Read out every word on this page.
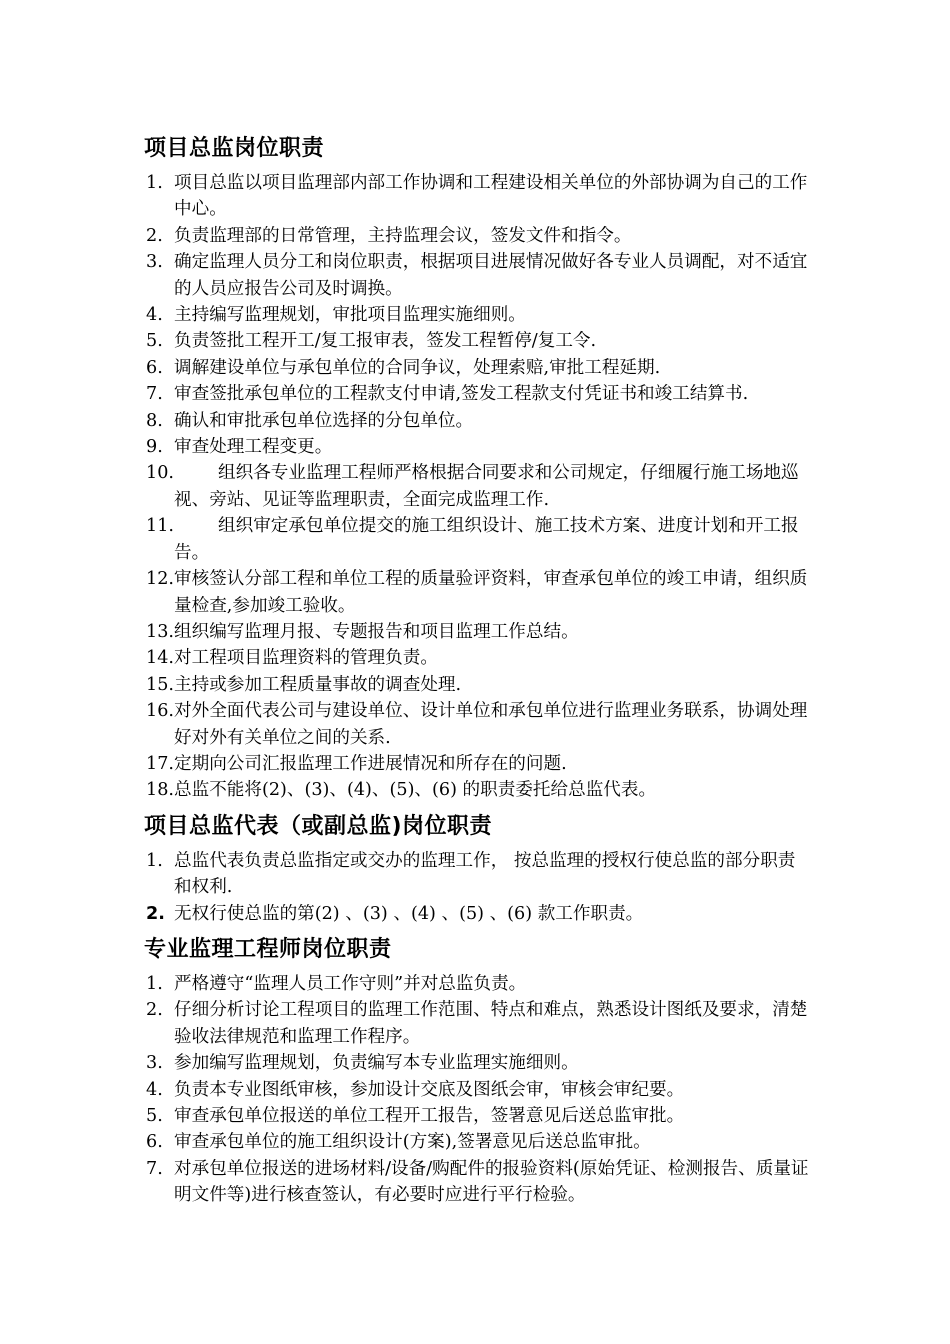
项目总监岗位职责
1. 项目总监以项目监理部内部工作协调和工程建设相关单位的外部协调为自己的工作中心。
2. 负责监理部的日常管理，主持监理会议，签发文件和指令。
3. 确定监理人员分工和岗位职责，根据项目进展情况做好各专业人员调配，对不适宜的人员应报告公司及时调换。
4. 主持编写监理规划，审批项目监理实施细则。
5. 负责签批工程开工/复工报审表，签发工程暂停/复工令.
6. 调解建设单位与承包单位的合同争议，处理索赔,审批工程延期.
7. 审查签批承包单位的工程款支付申请,签发工程款支付凭证书和竣工结算书.
8. 确认和审批承包单位选择的分包单位。
9. 审查处理工程变更。
10.	组织各专业监理工程师严格根据合同要求和公司规定，仔细履行施工场地巡视、旁站、见证等监理职责，全面完成监理工作.
11.	组织审定承包单位提交的施工组织设计、施工技术方案、进度计划和开工报告。
12. 审核签认分部工程和单位工程的质量验评资料，审查承包单位的竣工申请，组织质量检查,参加竣工验收。
13. 组织编写监理月报、专题报告和项目监理工作总结。
14. 对工程项目监理资料的管理负责。
15. 主持或参加工程质量事故的调查处理.
16. 对外全面代表公司与建设单位、设计单位和承包单位进行监理业务联系，协调处理好对外有关单位之间的关系.
17. 定期向公司汇报监理工作进展情况和所存在的问题.
18. 总监不能将(2)、(3)、(4)、(5)、(6) 的职责委托给总监代表。
项目总监代表（或副总监)岗位职责
1. 总监代表负责总监指定或交办的监理工作， 按总监理的授权行使总监的部分职责和权利.
2. 无权行使总监的第(2) 、(3) 、(4) 、(5) 、(6) 款工作职责。
专业监理工程师岗位职责
1. 严格遵守“监理人员工作守则”并对总监负责。
2. 仔细分析讨论工程项目的监理工作范围、特点和难点，熟悉设计图纸及要求，清楚验收法律规范和监理工作程序。
3. 参加编写监理规划，负责编写本专业监理实施细则。
4. 负责本专业图纸审核，参加设计交底及图纸会审，审核会审纪要。
5. 审查承包单位报送的单位工程开工报告，签署意见后送总监审批。
6. 审查承包单位的施工组织设计(方案),签署意见后送总监审批。
7. 对承包单位报送的进场材料/设备/购配件的报验资料(原始凭证、检测报告、质量证明文件等)进行核查签认，有必要时应进行平行检验。
